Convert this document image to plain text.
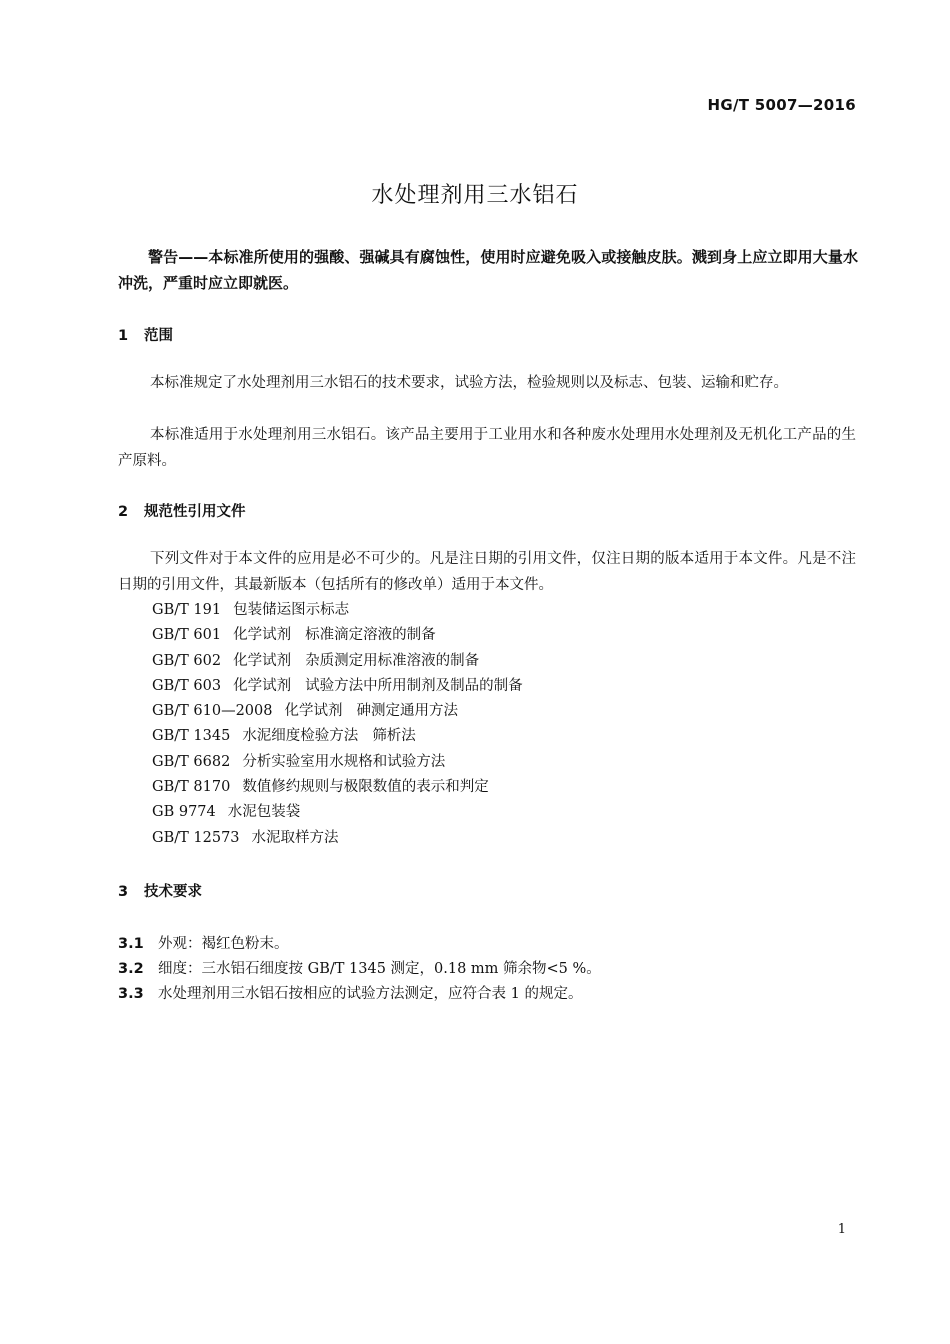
HG/T 5007—2016
水处理剂用三水铝石
警告——本标准所使用的强酸、强碱具有腐蚀性，使用时应避免吸入或接触皮肤。溅到身上应立即用大量水冲洗，严重时应立即就医。
1 范围
本标准规定了水处理剂用三水铝石的技术要求，试验方法，检验规则以及标志、包装、运输和贮存。
本标准适用于水处理剂用三水铝石。该产品主要用于工业用水和各种废水处理用水处理剂及无机化工产品的生产原料。
2 规范性引用文件
下列文件对于本文件的应用是必不可少的。凡是注日期的引用文件，仅注日期的版本适用于本文件。凡是不注日期的引用文件，其最新版本（包括所有的修改单）适用于本文件。
GB/T 191 包装储运图示标志
GB/T 601 化学试剂 标准滴定溶液的制备
GB/T 602 化学试剂 杂质测定用标准溶液的制备
GB/T 603 化学试剂 试验方法中所用制剂及制品的制备
GB/T 610—2008 化学试剂 砷测定通用方法
GB/T 1345 水泥细度检验方法 筛析法
GB/T 6682 分析实验室用水规格和试验方法
GB/T 8170 数值修约规则与极限数值的表示和判定
GB 9774 水泥包装袋
GB/T 12573 水泥取样方法
3 技术要求
3.1 外观：褐红色粉末。
3.2 细度：三水铝石细度按 GB/T 1345 测定，0.18 mm 筛余物<5 %。
3.3 水处理剂用三水铝石按相应的试验方法测定，应符合表 1 的规定。
1
